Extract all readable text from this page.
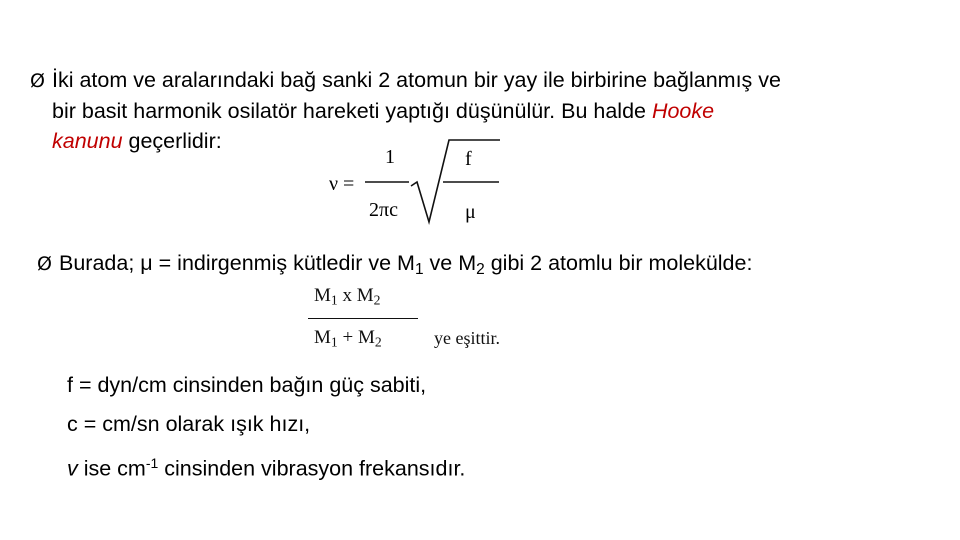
Ø İki atom ve aralarındaki bağ sanki 2 atomun bir yay ile birbirine bağlanmış ve
bir basit harmonik osilatör hareketi yaptığı düşünülür. Bu halde Hooke
kanunu geçerlidir:
ν =
1
2πc
f
μ
Ø Burada; μ = indirgenmiş kütledir ve $M_1$ ve $M_2$ gibi 2 atomlu bir molekülde:
$M_1$ x $M_2$
$M_1 + M_2$	ye eşittir.
f = dyn/cm cinsinden bağın güç sabiti,
c = cm/sn olarak ışık hızı,
v ise $cm^{-1}$ cinsinden vibrasyon frekansıdır.
